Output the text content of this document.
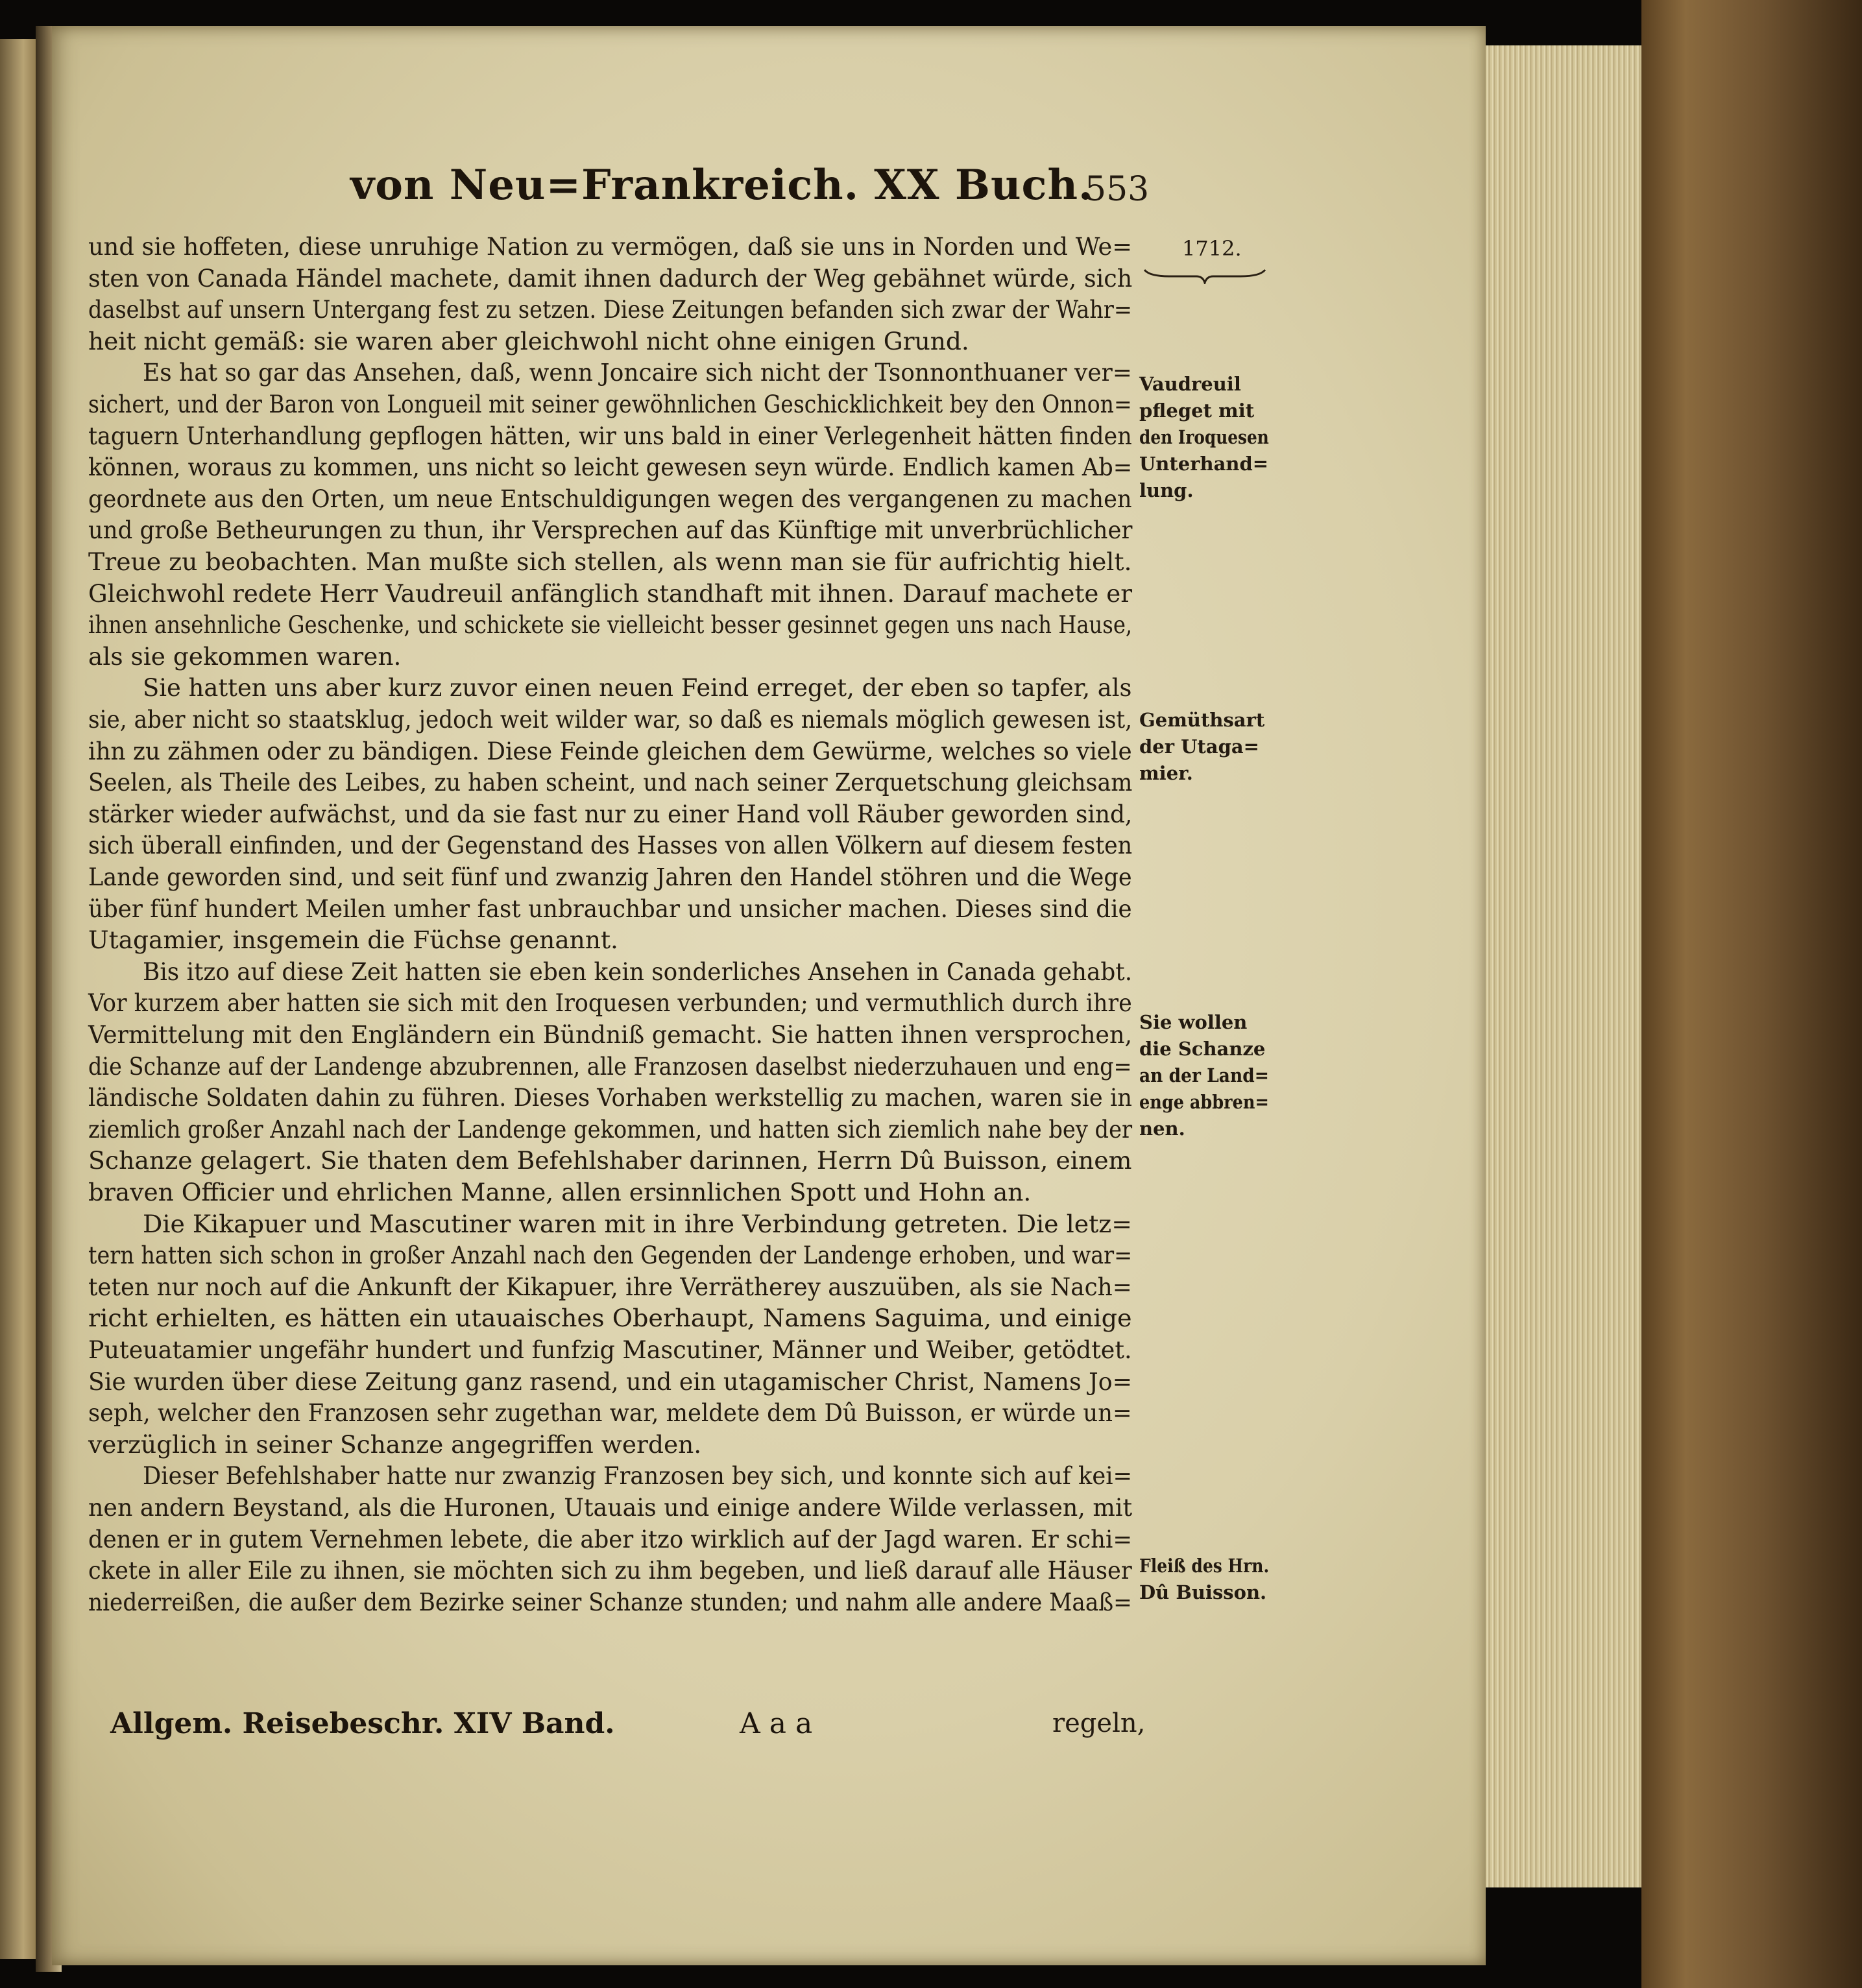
von Neu=Frankreich. XX Buch.
553
1712.
und sie hoffeten, diese unruhige Nation zu vermögen, daß sie uns in Norden und We=
sten von Canada Händel machete, damit ihnen dadurch der Weg gebähnet würde, sich
daselbst auf unsern Untergang fest zu setzen. Diese Zeitungen befanden sich zwar der Wahr=
heit nicht gemäß: sie waren aber gleichwohl nicht ohne einigen Grund.
Es hat so gar das Ansehen, daß, wenn Joncaire sich nicht der Tsonnonthuaner ver=
sichert, und der Baron von Longueil mit seiner gewöhnlichen Geschicklichkeit bey den Onnon=
taguern Unterhandlung gepflogen hätten, wir uns bald in einer Verlegenheit hätten finden
können, woraus zu kommen, uns nicht so leicht gewesen seyn würde. Endlich kamen Ab=
geordnete aus den Orten, um neue Entschuldigungen wegen des vergangenen zu machen
und große Betheurungen zu thun, ihr Versprechen auf das Künftige mit unverbrüchlicher
Treue zu beobachten. Man mußte sich stellen, als wenn man sie für aufrichtig hielt.
Gleichwohl redete Herr Vaudreuil anfänglich standhaft mit ihnen. Darauf machete er
ihnen ansehnliche Geschenke, und schickete sie vielleicht besser gesinnet gegen uns nach Hause,
als sie gekommen waren.
Sie hatten uns aber kurz zuvor einen neuen Feind erreget, der eben so tapfer, als
sie, aber nicht so staatsklug, jedoch weit wilder war, so daß es niemals möglich gewesen ist,
ihn zu zähmen oder zu bändigen. Diese Feinde gleichen dem Gewürme, welches so viele
Seelen, als Theile des Leibes, zu haben scheint, und nach seiner Zerquetschung gleichsam
stärker wieder aufwächst, und da sie fast nur zu einer Hand voll Räuber geworden sind,
sich überall einfinden, und der Gegenstand des Hasses von allen Völkern auf diesem festen
Lande geworden sind, und seit fünf und zwanzig Jahren den Handel stöhren und die Wege
über fünf hundert Meilen umher fast unbrauchbar und unsicher machen. Dieses sind die
Utagamier, insgemein die Füchse genannt.
Bis itzo auf diese Zeit hatten sie eben kein sonderliches Ansehen in Canada gehabt.
Vor kurzem aber hatten sie sich mit den Iroquesen verbunden; und vermuthlich durch ihre
Vermittelung mit den Engländern ein Bündniß gemacht. Sie hatten ihnen versprochen,
die Schanze auf der Landenge abzubrennen, alle Franzosen daselbst niederzuhauen und eng=
ländische Soldaten dahin zu führen. Dieses Vorhaben werkstellig zu machen, waren sie in
ziemlich großer Anzahl nach der Landenge gekommen, und hatten sich ziemlich nahe bey der
Schanze gelagert. Sie thaten dem Befehlshaber darinnen, Herrn Dû Buisson, einem
braven Officier und ehrlichen Manne, allen ersinnlichen Spott und Hohn an.
Die Kikapuer und Mascutiner waren mit in ihre Verbindung getreten. Die letz=
tern hatten sich schon in großer Anzahl nach den Gegenden der Landenge erhoben, und war=
teten nur noch auf die Ankunft der Kikapuer, ihre Verrätherey auszuüben, als sie Nach=
richt erhielten, es hätten ein utauaisches Oberhaupt, Namens Saguima, und einige
Puteuatamier ungefähr hundert und funfzig Mascutiner, Männer und Weiber, getödtet.
Sie wurden über diese Zeitung ganz rasend, und ein utagamischer Christ, Namens Jo=
seph, welcher den Franzosen sehr zugethan war, meldete dem Dû Buisson, er würde un=
verzüglich in seiner Schanze angegriffen werden.
Dieser Befehlshaber hatte nur zwanzig Franzosen bey sich, und konnte sich auf kei=
nen andern Beystand, als die Huronen, Utauais und einige andere Wilde verlassen, mit
denen er in gutem Vernehmen lebete, die aber itzo wirklich auf der Jagd waren. Er schi=
ckete in aller Eile zu ihnen, sie möchten sich zu ihm begeben, und ließ darauf alle Häuser
niederreißen, die außer dem Bezirke seiner Schanze stunden; und nahm alle andere Maaß=
Vaudreuil
pfleget mit
den Iroquesen
Unterhand=
lung.
Gemüthsart
der Utaga=
mier.
Sie wollen
die Schanze
an der Land=
enge abbren=
nen.
Fleiß des Hrn.
Dû Buisson.
Allgem. Reisebeschr. XIV Band.	A a a	regeln,
